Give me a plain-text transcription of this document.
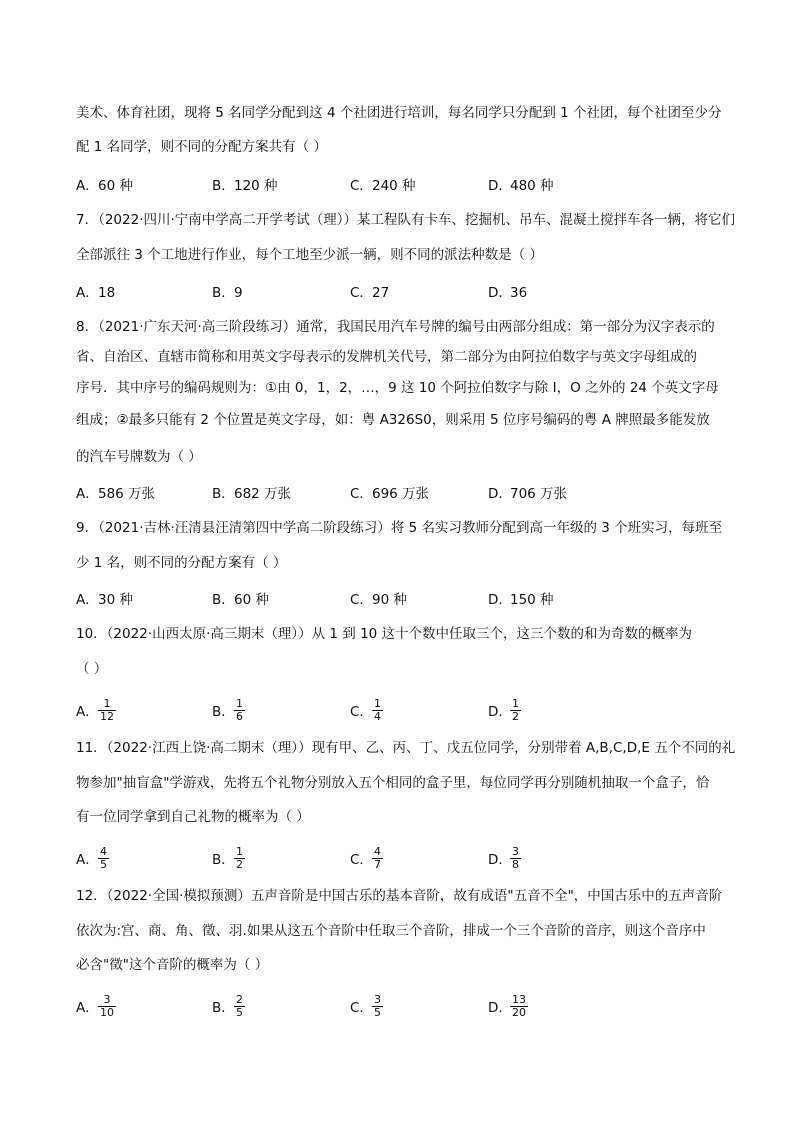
美术、体育社团，现将 5 名同学分配到这 4 个社团进行培训，每名同学只分配到 1 个社团，每个社团至少分
配 1 名同学，则不同的分配方案共有（ ）
A．60 种	B．120 种	C．240 种	D．480 种
7．（2022·四川·宁南中学高二开学考试（理））某工程队有卡车、挖掘机、吊车、混凝土搅拌车各一辆，将它们
全部派往 3 个工地进行作业，每个工地至少派一辆，则不同的派法种数是（ ）
A．18	B．9	C．27	D．36
8．（2021·广东天河·高三阶段练习）通常，我国民用汽车号牌的编号由两部分组成：第一部分为汉字表示的
省、自治区、直辖市简称和用英文字母表示的发牌机关代号，第二部分为由阿拉伯数字与英文字母组成的
序号．其中序号的编码规则为：①由 0，1，2，…，9 这 10 个阿拉伯数字与除 I，O 之外的 24 个英文字母
组成；②最多只能有 2 个位置是英文字母，如：粤 A326S0，则采用 5 位序号编码的粤 A 牌照最多能发放
的汽车号牌数为（ ）
A．586 万张	B．682 万张	C．696 万张	D．706 万张
9．（2021·吉林·汪清县汪清第四中学高二阶段练习）将 5 名实习教师分配到高一年级的 3 个班实习，每班至
少 1 名，则不同的分配方案有（ ）
A．30 种	B．60 种	C．90 种	D．150 种
10．（2022·山西太原·高三期末（理））从 1 到 10 这十个数中任取三个，这三个数的和为奇数的概率为
（ ）
A． $\frac{1}{12}$	B． $\frac{1}{6}$	C． $\frac{1}{4}$	D．
$\frac{1}{2}$
11．（2022·江西上饶·高二期末（理））现有甲、乙、丙、丁、戊五位同学，分别带着 A,B,C,D,E 五个不同的礼
物参加"抽盲盒"学游戏，先将五个礼物分别放入五个相同的盒子里，每位同学再分别随机抽取一个盒子，恰
有一位同学拿到自己礼物的概率为（ ）
A． $\frac{4}{5}$	B． $\frac{1}{2}$	C． $\frac{4}{7}$	D．
$\frac{3}{8}$
12．（2022·全国·模拟预测）五声音阶是中国古乐的基本音阶，故有成语"五音不全"，中国古乐中的五声音阶
依次为:宫、商、角、徵、羽.如果从这五个音阶中任取三个音阶，排成一个三个音阶的音序，则这个音序中
必含"徵"这个音阶的概率为（ ）
A． $\frac{3}{10}$	B． $\frac{2}{5}$	C． $\frac{3}{5}$	D．
$\frac{13}{20}$
